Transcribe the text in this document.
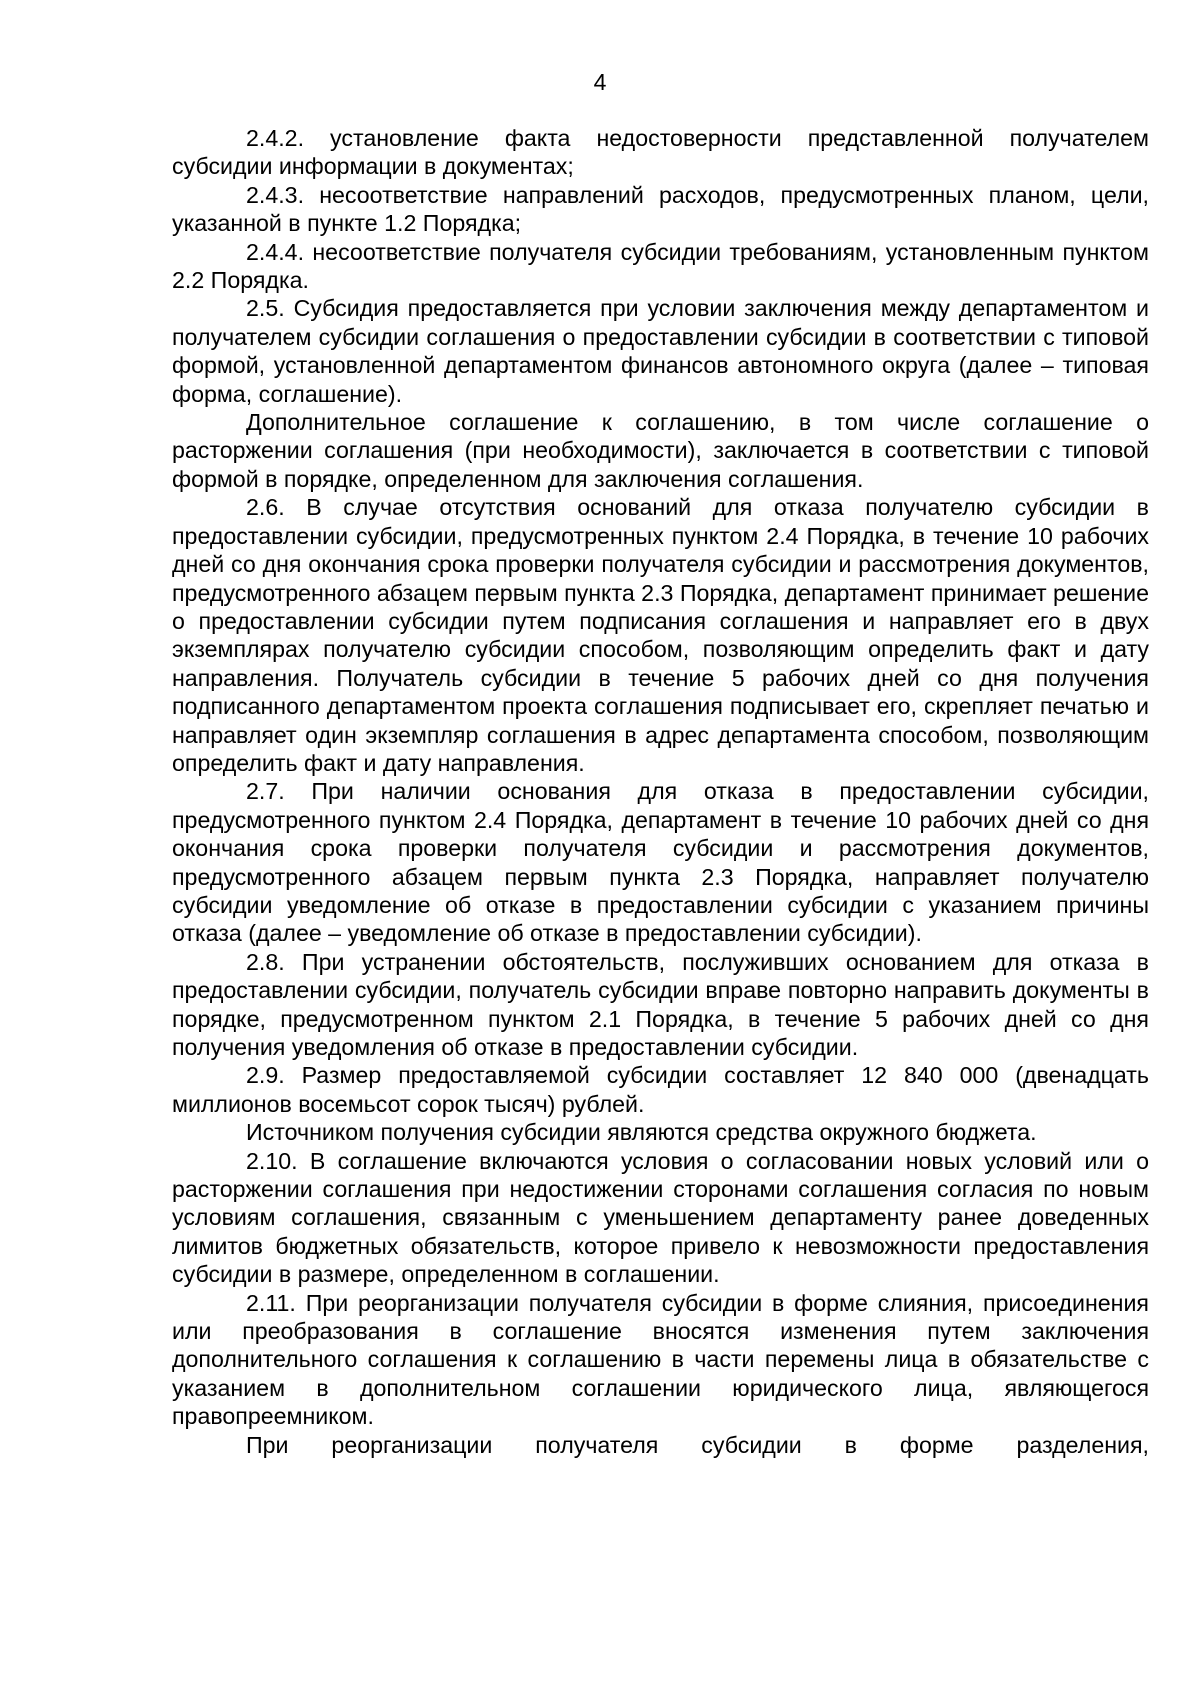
4

2.4.2. установление факта недостоверности представленной получателем субсидии информации в документах;

2.4.3. несоответствие направлений расходов, предусмотренных планом, цели, указанной в пункте 1.2 Порядка;

2.4.4. несоответствие получателя субсидии требованиям, установленным пунктом 2.2 Порядка.

2.5. Субсидия предоставляется при условии заключения между департаментом и получателем субсидии соглашения о предоставлении субсидии в соответствии с типовой формой, установленной департаментом финансов автономного округа (далее – типовая форма, соглашение).

Дополнительное соглашение к соглашению, в том числе соглашение о расторжении соглашения (при необходимости), заключается в соответствии с типовой формой в порядке, определенном для заключения соглашения.

2.6. В случае отсутствия оснований для отказа получателю субсидии в предоставлении субсидии, предусмотренных пунктом 2.4 Порядка, в течение 10 рабочих дней со дня окончания срока проверки получателя субсидии и рассмотрения документов, предусмотренного абзацем первым пункта 2.3 Порядка, департамент принимает решение о предоставлении субсидии путем подписания соглашения и направляет его в двух экземплярах получателю субсидии способом, позволяющим определить факт и дату направления. Получатель субсидии в течение 5 рабочих дней со дня получения подписанного департаментом проекта соглашения подписывает его, скрепляет печатью и направляет один экземпляр соглашения в адрес департамента способом, позволяющим определить факт и дату направления.

2.7. При наличии основания для отказа в предоставлении субсидии, предусмотренного пунктом 2.4 Порядка, департамент в течение 10 рабочих дней со дня окончания срока проверки получателя субсидии и рассмотрения документов, предусмотренного абзацем первым пункта 2.3 Порядка, направляет получателю субсидии уведомление об отказе в предоставлении субсидии с указанием причины отказа (далее – уведомление об отказе в предоставлении субсидии).

2.8. При устранении обстоятельств, послуживших основанием для отказа в предоставлении субсидии, получатель субсидии вправе повторно направить документы в порядке, предусмотренном пунктом 2.1 Порядка, в течение 5 рабочих дней со дня получения уведомления об отказе в предоставлении субсидии.

2.9. Размер предоставляемой субсидии составляет 12 840 000 (двенадцать миллионов восемьсот сорок тысяч) рублей.

Источником получения субсидии являются средства окружного бюджета.

2.10. В соглашение включаются условия о согласовании новых условий или о расторжении соглашения при недостижении сторонами соглашения согласия по новым условиям соглашения, связанным с уменьшением департаменту ранее доведенных лимитов бюджетных обязательств, которое привело к невозможности предоставления субсидии в размере, определенном в соглашении.

2.11. При реорганизации получателя субсидии в форме слияния, присоединения или преобразования в соглашение вносятся изменения путем заключения дополнительного соглашения к соглашению в части перемены лица в обязательстве с указанием в дополнительном соглашении юридического лица, являющегося правопреемником.

При реорганизации получателя субсидии в форме разделения,
